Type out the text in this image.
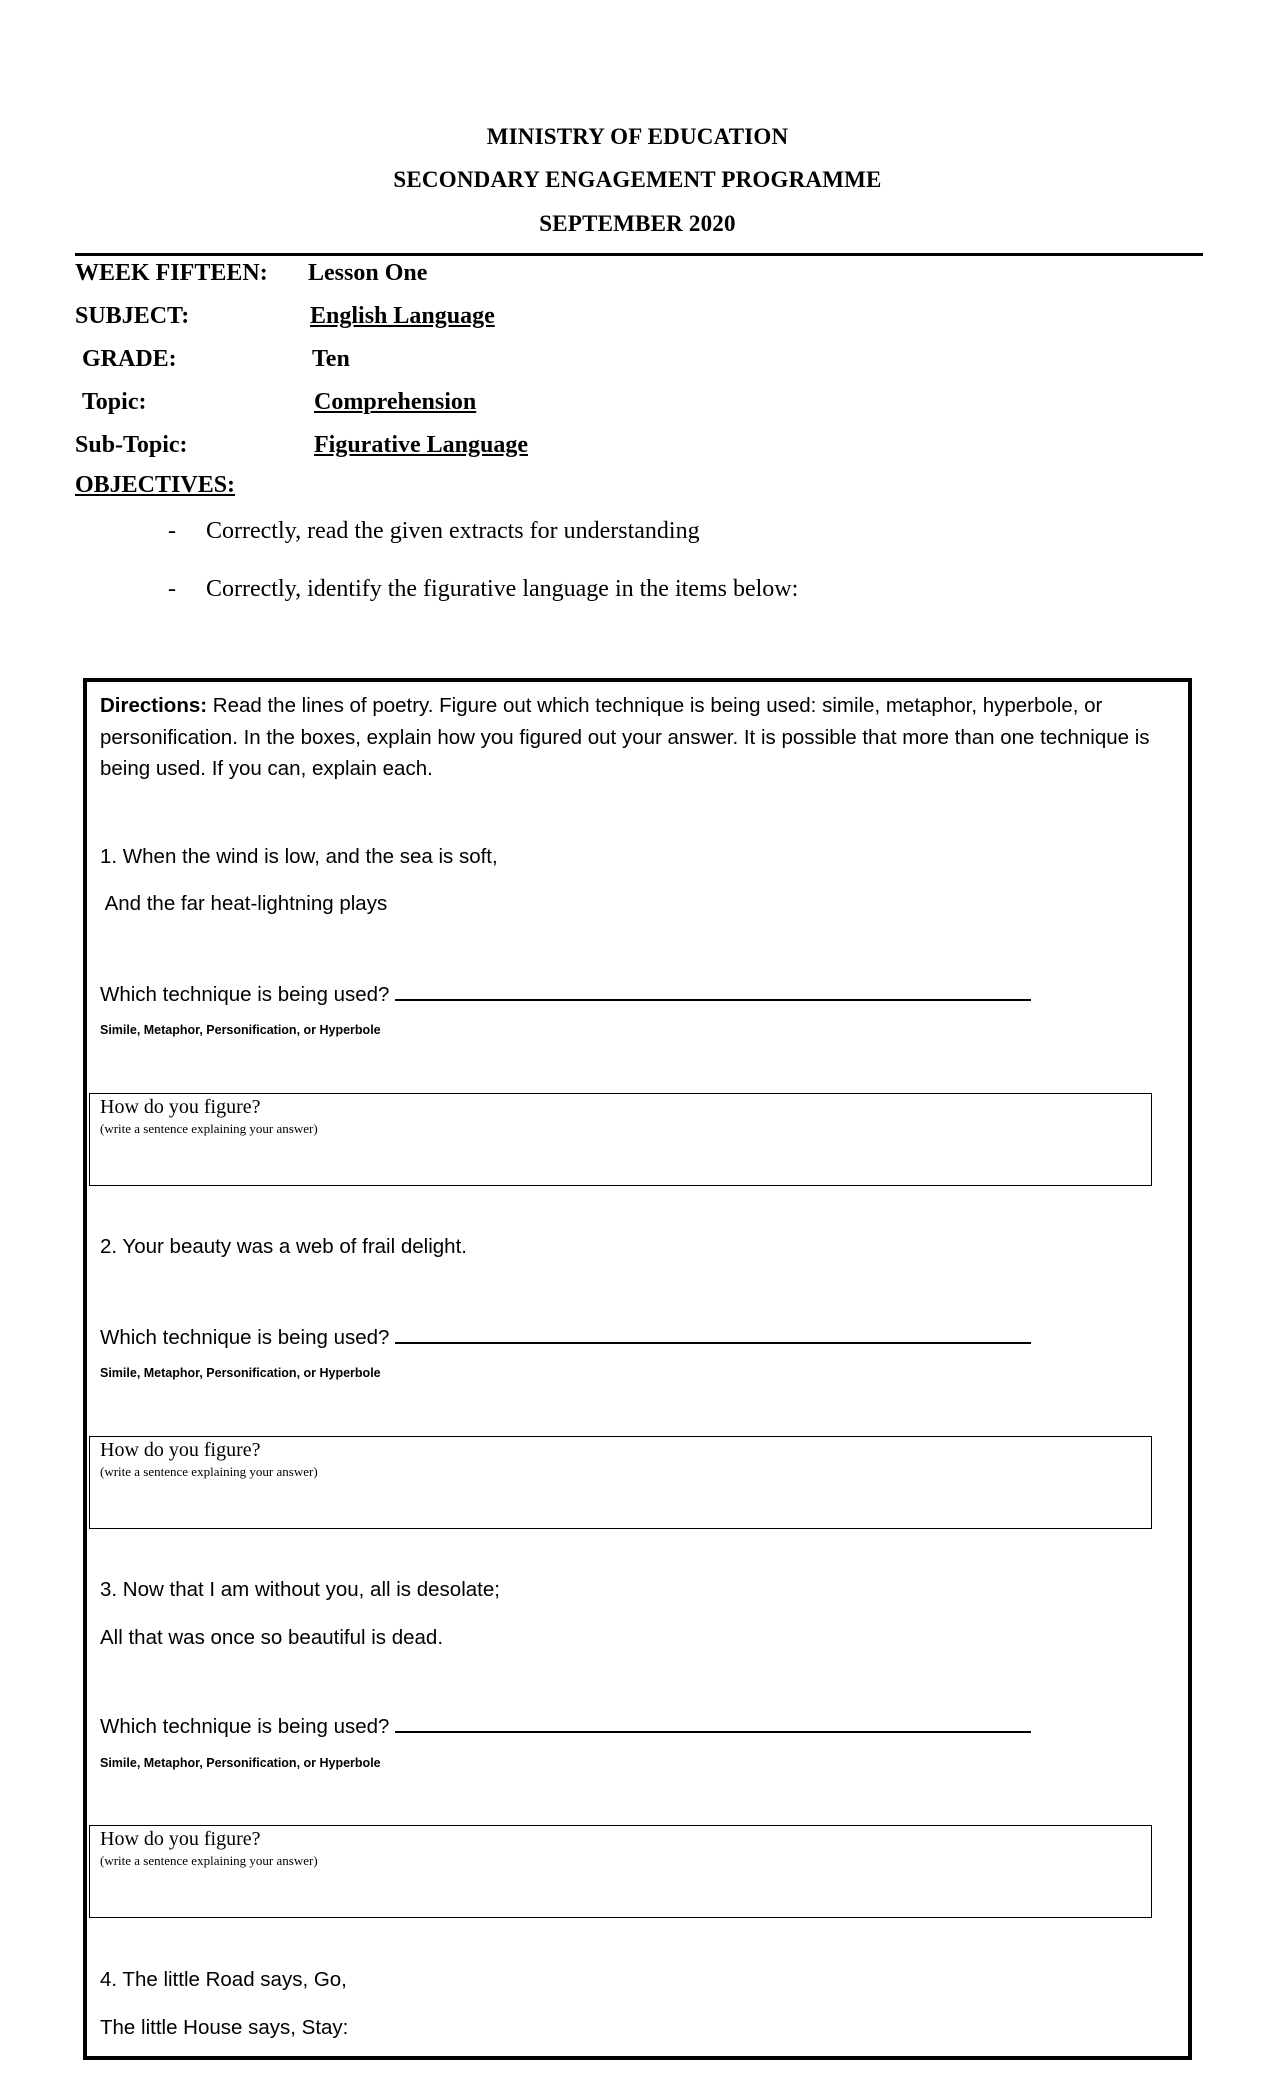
MINISTRY OF EDUCATION
SECONDARY ENGAGEMENT PROGRAMME
SEPTEMBER 2020
WEEK FIFTEEN: Lesson One
SUBJECT:	English Language
GRADE:	Ten
Topic:	Comprehension
Sub-Topic:	Figurative Language
OBJECTIVES:
- Correctly, read the given extracts for understanding
- Correctly, identify the figurative language in the items below:
Directions: Read the lines of poetry. Figure out which technique is being used: simile, metaphor, hyperbole, or personification. In the boxes, explain how you figured out your answer. It is possible that more than one technique is being used. If you can, explain each.
1. When the wind is low, and the sea is soft,
And the far heat-lightning plays
Which technique is being used?
Simile, Metaphor, Personification, or Hyperbole
How do you figure?
(write a sentence explaining your answer)
2. Your beauty was a web of frail delight.
Which technique is being used?
Simile, Metaphor, Personification, or Hyperbole
How do you figure?
(write a sentence explaining your answer)
3. Now that I am without you, all is desolate;
All that was once so beautiful is dead.
Which technique is being used?
Simile, Metaphor, Personification, or Hyperbole
How do you figure?
(write a sentence explaining your answer)
4. The little Road says, Go,
The little House says, Stay:
